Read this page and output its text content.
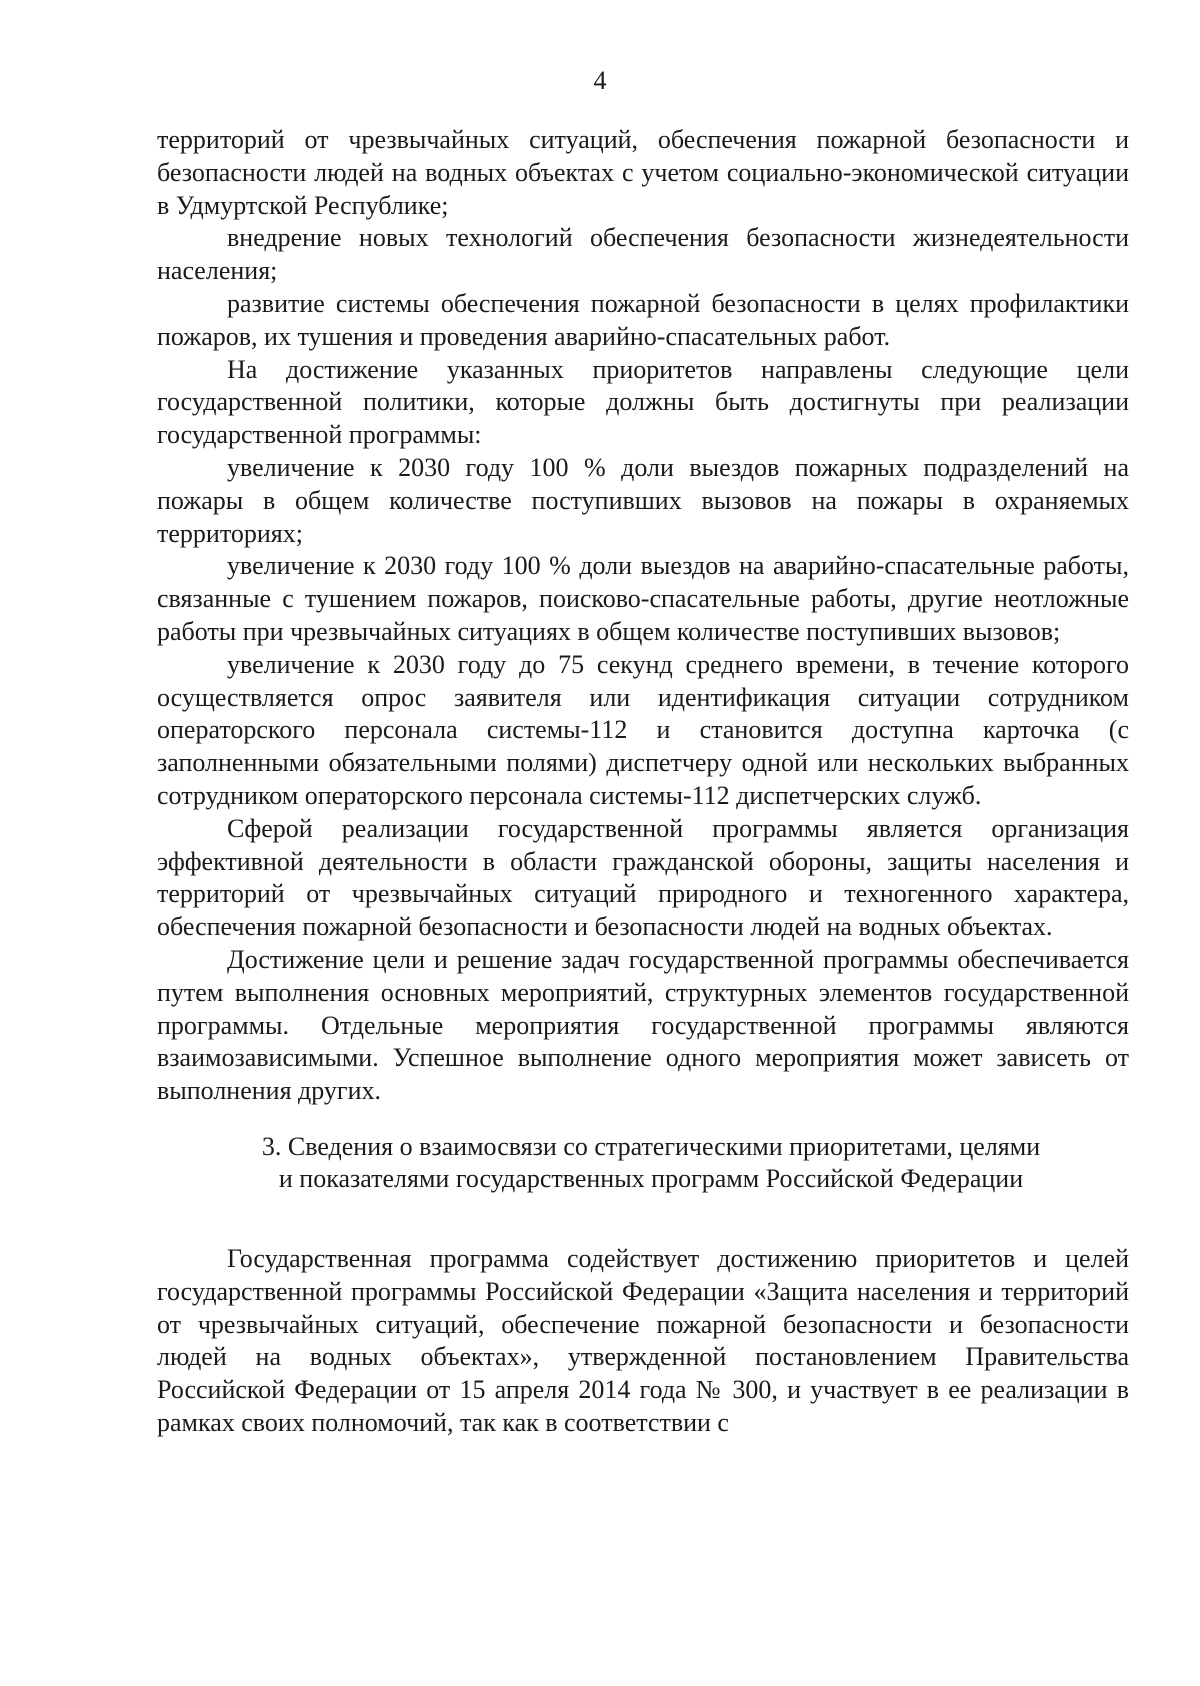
4

территорий от чрезвычайных ситуаций, обеспечения пожарной безопасности и безопасности людей на водных объектах с учетом социально-экономической ситуации в Удмуртской Республике;

внедрение новых технологий обеспечения безопасности жизнедеятельности населения;

развитие системы обеспечения пожарной безопасности в целях профилактики пожаров, их тушения и проведения аварийно-спасательных работ.

На достижение указанных приоритетов направлены следующие цели государственной политики, которые должны быть достигнуты при реализации государственной программы:

увеличение к 2030 году 100 % доли выездов пожарных подразделений на пожары в общем количестве поступивших вызовов на пожары в охраняемых территориях;

увеличение к 2030 году 100 % доли выездов на аварийно-спасательные работы, связанные с тушением пожаров, поисково-спасательные работы, другие неотложные работы при чрезвычайных ситуациях в общем количестве поступивших вызовов;

увеличение к 2030 году до 75 секунд среднего времени, в течение которого осуществляется опрос заявителя или идентификация ситуации сотрудником операторского персонала системы-112 и становится доступна карточка (с заполненными обязательными полями) диспетчеру одной или нескольких выбранных сотрудником операторского персонала системы-112 диспетчерских служб.

Сферой реализации государственной программы является организация эффективной деятельности в области гражданской обороны, защиты населения и территорий от чрезвычайных ситуаций природного и техногенного характера, обеспечения пожарной безопасности и безопасности людей на водных объектах.

Достижение цели и решение задач государственной программы обеспечивается путем выполнения основных мероприятий, структурных элементов государственной программы. Отдельные мероприятия государственной программы являются взаимозависимыми. Успешное выполнение одного мероприятия может зависеть от выполнения других.

3. Сведения о взаимосвязи со стратегическими приоритетами, целями

и показателями государственных программ Российской Федерации

Государственная программа содействует достижению приоритетов и целей государственной программы Российской Федерации «Защита населения и территорий от чрезвычайных ситуаций, обеспечение пожарной безопасности и безопасности людей на водных объектах», утвержденной постановлением Правительства Российской Федерации от 15 апреля 2014 года № 300, и участвует в ее реализации в рамках своих полномочий, так как в соответствии с
